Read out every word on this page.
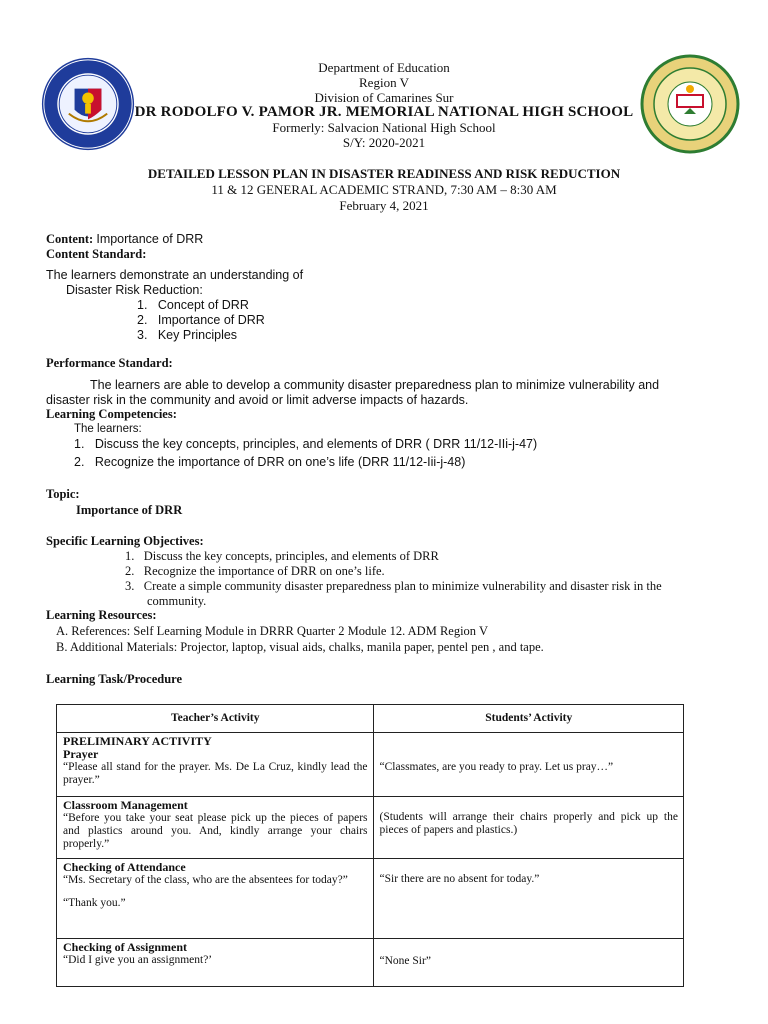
Department of Education
Region V
Division of Camarines Sur
DR RODOLFO V. PAMOR JR. MEMORIAL NATIONAL HIGH SCHOOL
Formerly: Salvacion National High School
S/Y: 2020-2021
DETAILED LESSON PLAN IN DISASTER READINESS AND RISK REDUCTION
11 & 12 GENERAL ACADEMIC STRAND, 7:30 AM – 8:30 AM
February 4, 2021
Content: Importance of DRR
Content Standard:
The learners demonstrate an understanding of
Disaster Risk Reduction:
1.   Concept of DRR
2.   Importance of DRR
3.   Key Principles
Performance Standard:
The learners are able to develop a community disaster preparedness plan to minimize vulnerability and
disaster risk in the community and avoid or limit adverse impacts of hazards.
Learning Competencies:
The learners:
1.   Discuss the key concepts, principles, and elements of DRR ( DRR 11/12-IIi-j-47)
2.   Recognize the importance of DRR on one’s life (DRR 11/12-Iii-j-48)
Topic:
Importance of DRR
Specific Learning Objectives:
1.   Discuss the key concepts, principles, and elements of DRR
2.   Recognize the importance of DRR on one’s life.
3.   Create a simple community disaster preparedness plan to minimize vulnerability and disaster risk in the
community.
Learning Resources:
A. References: Self Learning Module in DRRR Quarter 2 Module 12. ADM Region V
B. Additional Materials: Projector, laptop, visual aids, chalks, manila paper, pentel pen , and tape.
Learning Task/Procedure
Teacher’s Activity	Students’ Activity

PRELIMINARY ACTIVITY
Prayer
“Please all stand for the prayer. Ms. De La Cruz, kindly lead the prayer.”	“Classmates, are you ready to pray. Let us pray…”

Classroom Management
“Before you take your seat please pick up the pieces of papers and plastics around you. And, kindly arrange your chairs properly.”	(Students will arrange their chairs properly and pick up the pieces of papers and plastics.)

Checking of Attendance
“Ms. Secretary of the class, who are the absentees for today?”
“Thank you.”	“Sir there are no absent for today.”

Checking of Assignment
“Did I give you an assignment?’	“None Sir”
